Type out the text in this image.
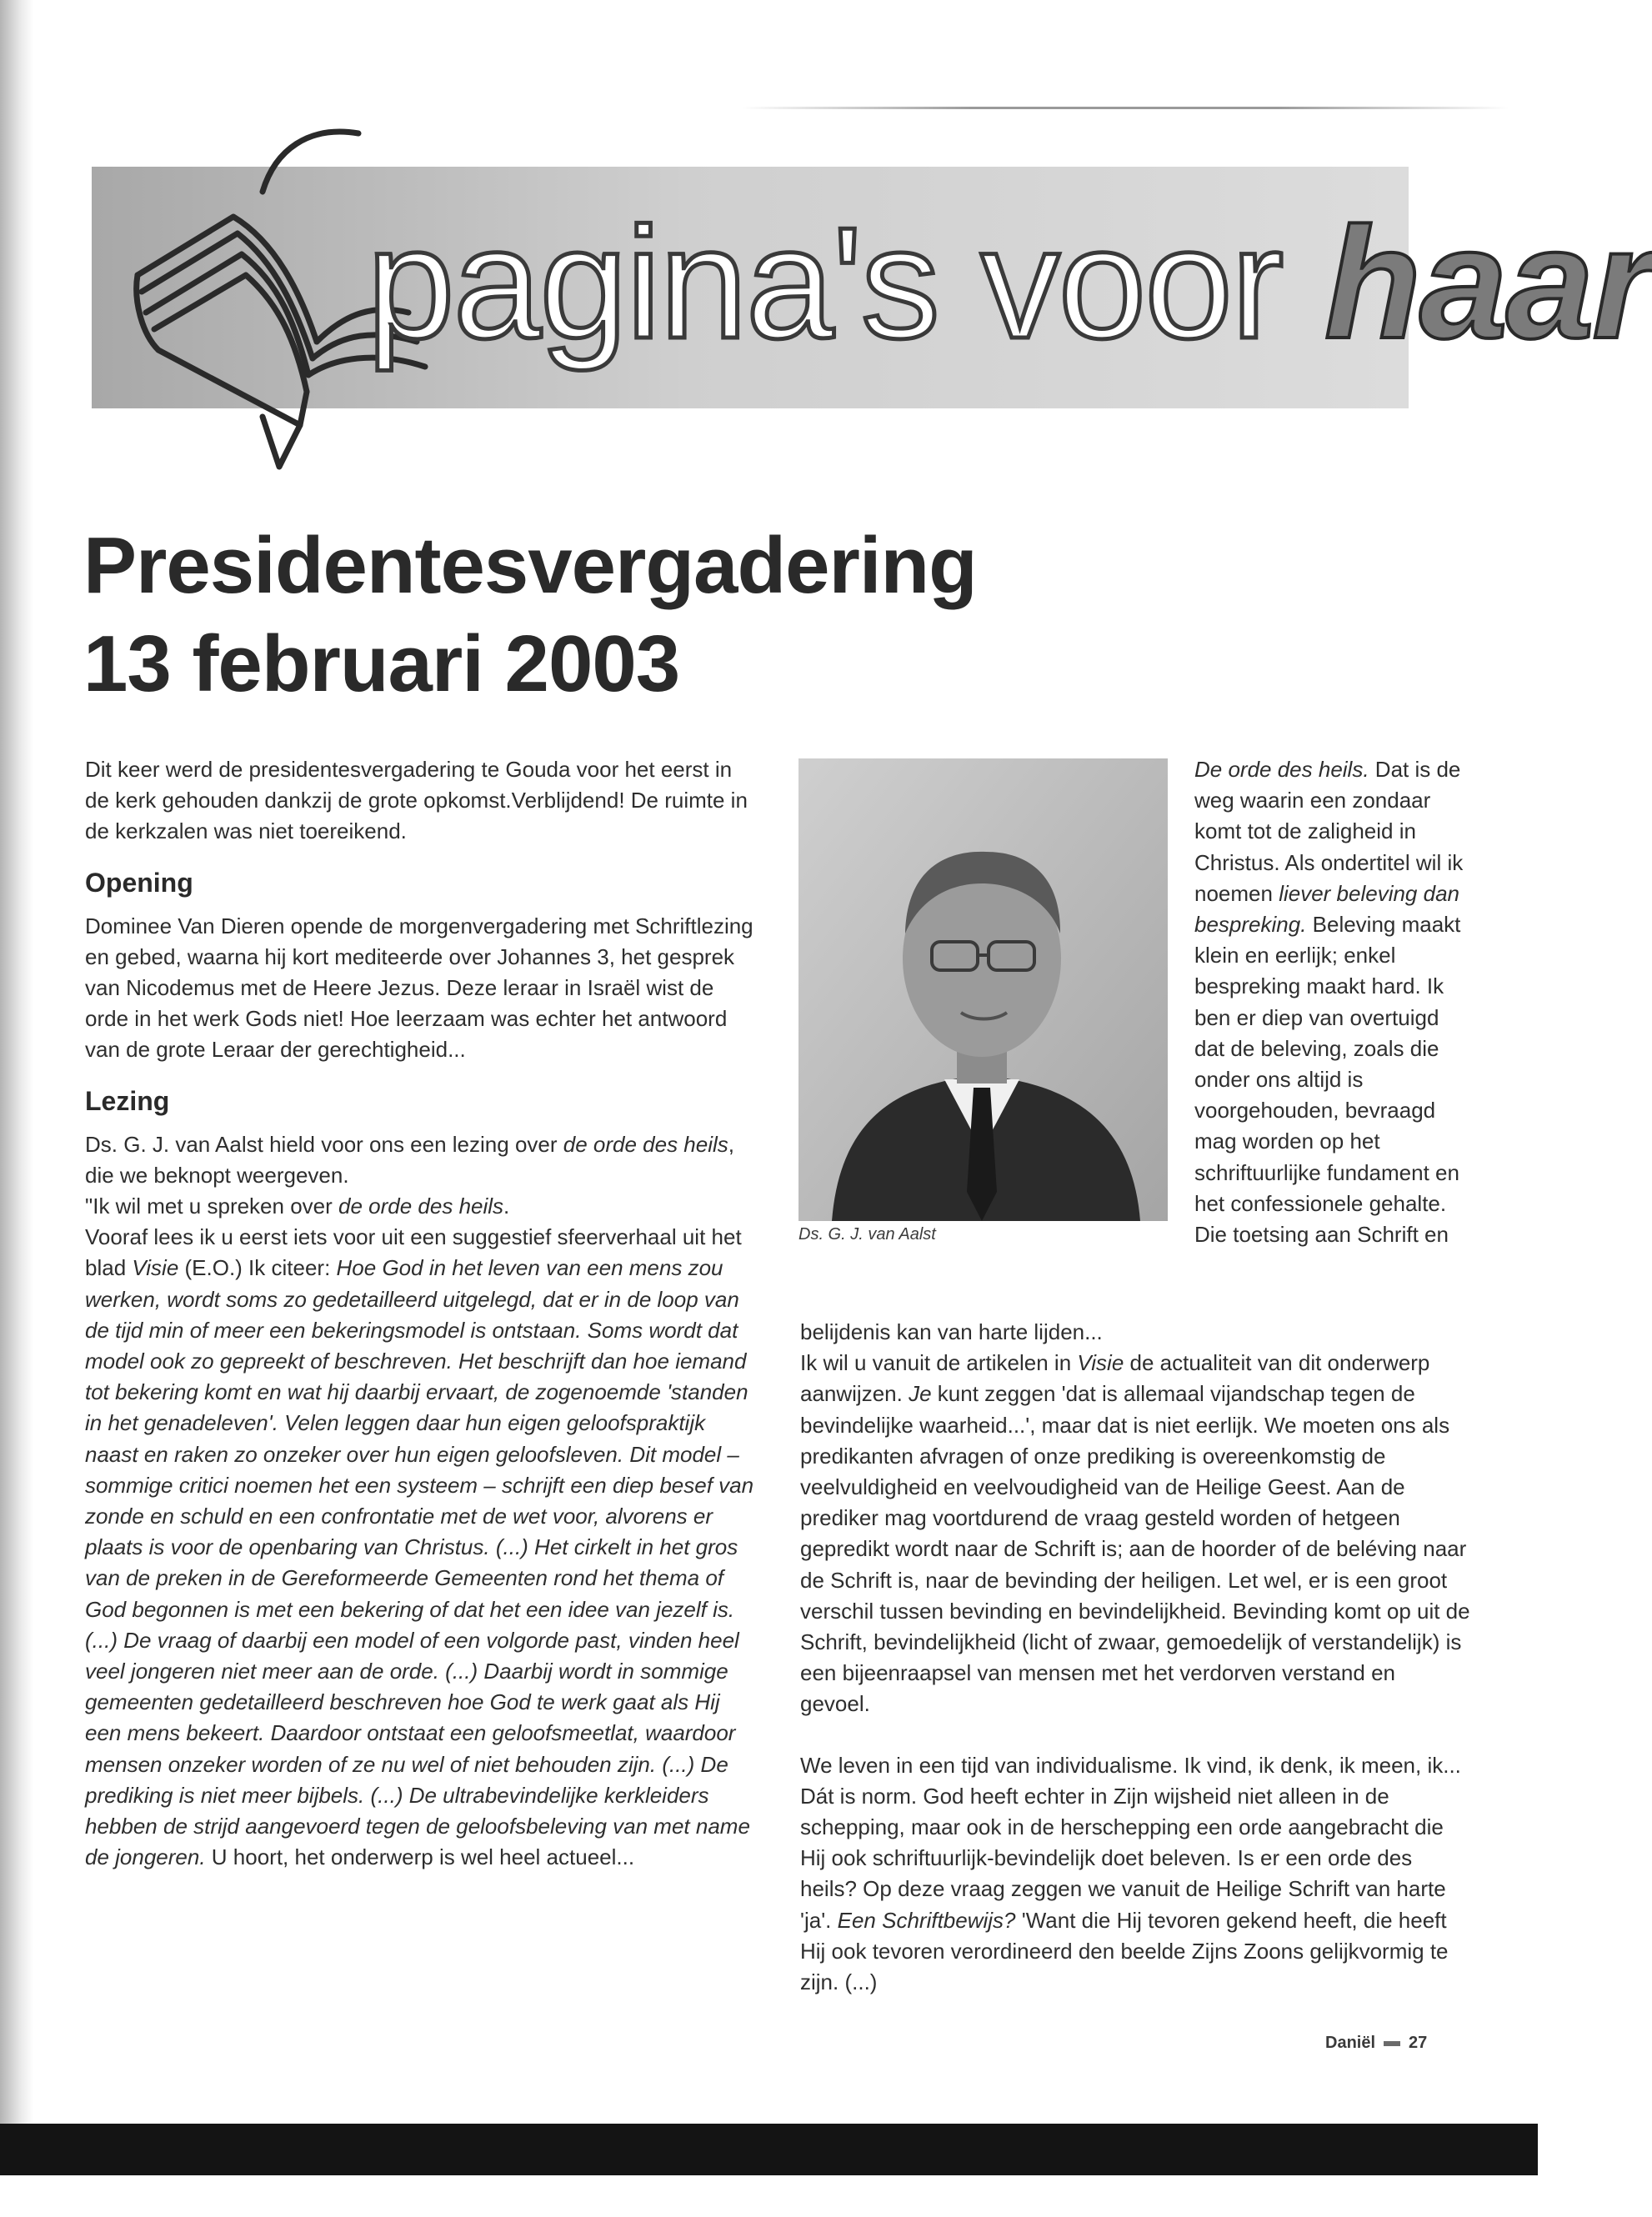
pagina's voor haar
Presidentesvergadering
13 februari 2003

Dit keer werd de presidentesvergadering te Gouda voor het eerst in de kerk gehouden dankzij de grote opkomst.Verblijdend! De ruimte in de kerkzalen was niet toereikend.

Opening

Dominee Van Dieren opende de morgenvergadering met Schriftlezing en gebed, waarna hij kort mediteerde over Johannes 3, het gesprek van Nicodemus met de Heere Jezus. Deze leraar in Israël wist de orde in het werk Gods niet! Hoe leerzaam was echter het antwoord van de grote Leraar der gerechtigheid...

Lezing

Ds. G. J. van Aalst hield voor ons een lezing over de orde des heils, die we beknopt weergeven.

"Ik wil met u spreken over de orde des heils.

Vooraf lees ik u eerst iets voor uit een suggestief sfeerverhaal uit het blad Visie (E.O.) Ik citeer: Hoe God in het leven van een mens zou werken, wordt soms zo gedetailleerd uitgelegd, dat er in de loop van de tijd min of meer een bekeringsmodel is ontstaan. Soms wordt dat model ook zo gepreekt of beschreven. Het beschrijft dan hoe iemand tot bekering komt en wat hij daarbij ervaart, de zogenoemde 'standen in het genadeleven'. Velen leggen daar hun eigen geloofspraktijk naast en raken zo onzeker over hun eigen geloofsleven. Dit model – sommige critici noemen het een systeem – schrijft een diep besef van zonde en schuld en een confrontatie met de wet voor, alvorens er plaats is voor de openbaring van Christus. (...) Het cirkelt in het gros van de preken in de Gereformeerde Gemeenten rond het thema of God begonnen is met een bekering of dat het een idee van jezelf is. (...) De vraag of daarbij een model of een volgorde past, vinden heel veel jongeren niet meer aan de orde. (...) Daarbij wordt in sommige gemeenten gedetailleerd beschreven hoe God te werk gaat als Hij een mens bekeert. Daardoor ontstaat een geloofsmeetlat, waardoor mensen onzeker worden of ze nu wel of niet behouden zijn. (...) De prediking is niet meer bijbels. (...) De ultrabevindelijke kerkleiders hebben de strijd aangevoerd tegen de geloofsbeleving van met name de jongeren. U hoort, het onderwerp is wel heel actueel...

Ds. G. J. van Aalst

De orde des heils. Dat is de weg waarin een zondaar komt tot de zaligheid in Christus. Als ondertitel wil ik noemen liever beleving dan bespreking. Beleving maakt klein en eerlijk; enkel bespreking maakt hard. Ik ben er diep van overtuigd dat de beleving, zoals die onder ons altijd is voorgehouden, bevraagd mag worden op het schriftuurlijke fundament en het confessionele gehalte. Die toetsing aan Schrift en

belijdenis kan van harte lijden...

Ik wil u vanuit de artikelen in Visie de actualiteit van dit onderwerp aanwijzen. Je kunt zeggen 'dat is allemaal vijandschap tegen de bevindelijke waarheid...', maar dat is niet eerlijk. We moeten ons als predikanten afvragen of onze prediking is overeenkomstig de veelvuldigheid en veelvoudigheid van de Heilige Geest. Aan de prediker mag voortdurend de vraag gesteld worden of hetgeen gepredikt wordt naar de Schrift is; aan de hoorder of de beléving naar de Schrift is, naar de bevinding der heiligen. Let wel, er is een groot verschil tussen bevinding en bevindelijkheid. Bevinding komt op uit de Schrift, bevindelijkheid (licht of zwaar, gemoedelijk of verstandelijk) is een bijeenraapsel van mensen met het verdorven verstand en gevoel.

We leven in een tijd van individualisme. Ik vind, ik denk, ik meen, ik... Dát is norm. God heeft echter in Zijn wijsheid niet alleen in de schepping, maar ook in de herschepping een orde aangebracht die Hij ook schriftuurlijk-bevindelijk doet beleven. Is er een orde des heils? Op deze vraag zeggen we vanuit de Heilige Schrift van harte 'ja'. Een Schriftbewijs? 'Want die Hij tevoren gekend heeft, die heeft Hij ook tevoren verordineerd den beelde Zijns Zoons gelijkvormig te zijn. (...)

Daniël 27
